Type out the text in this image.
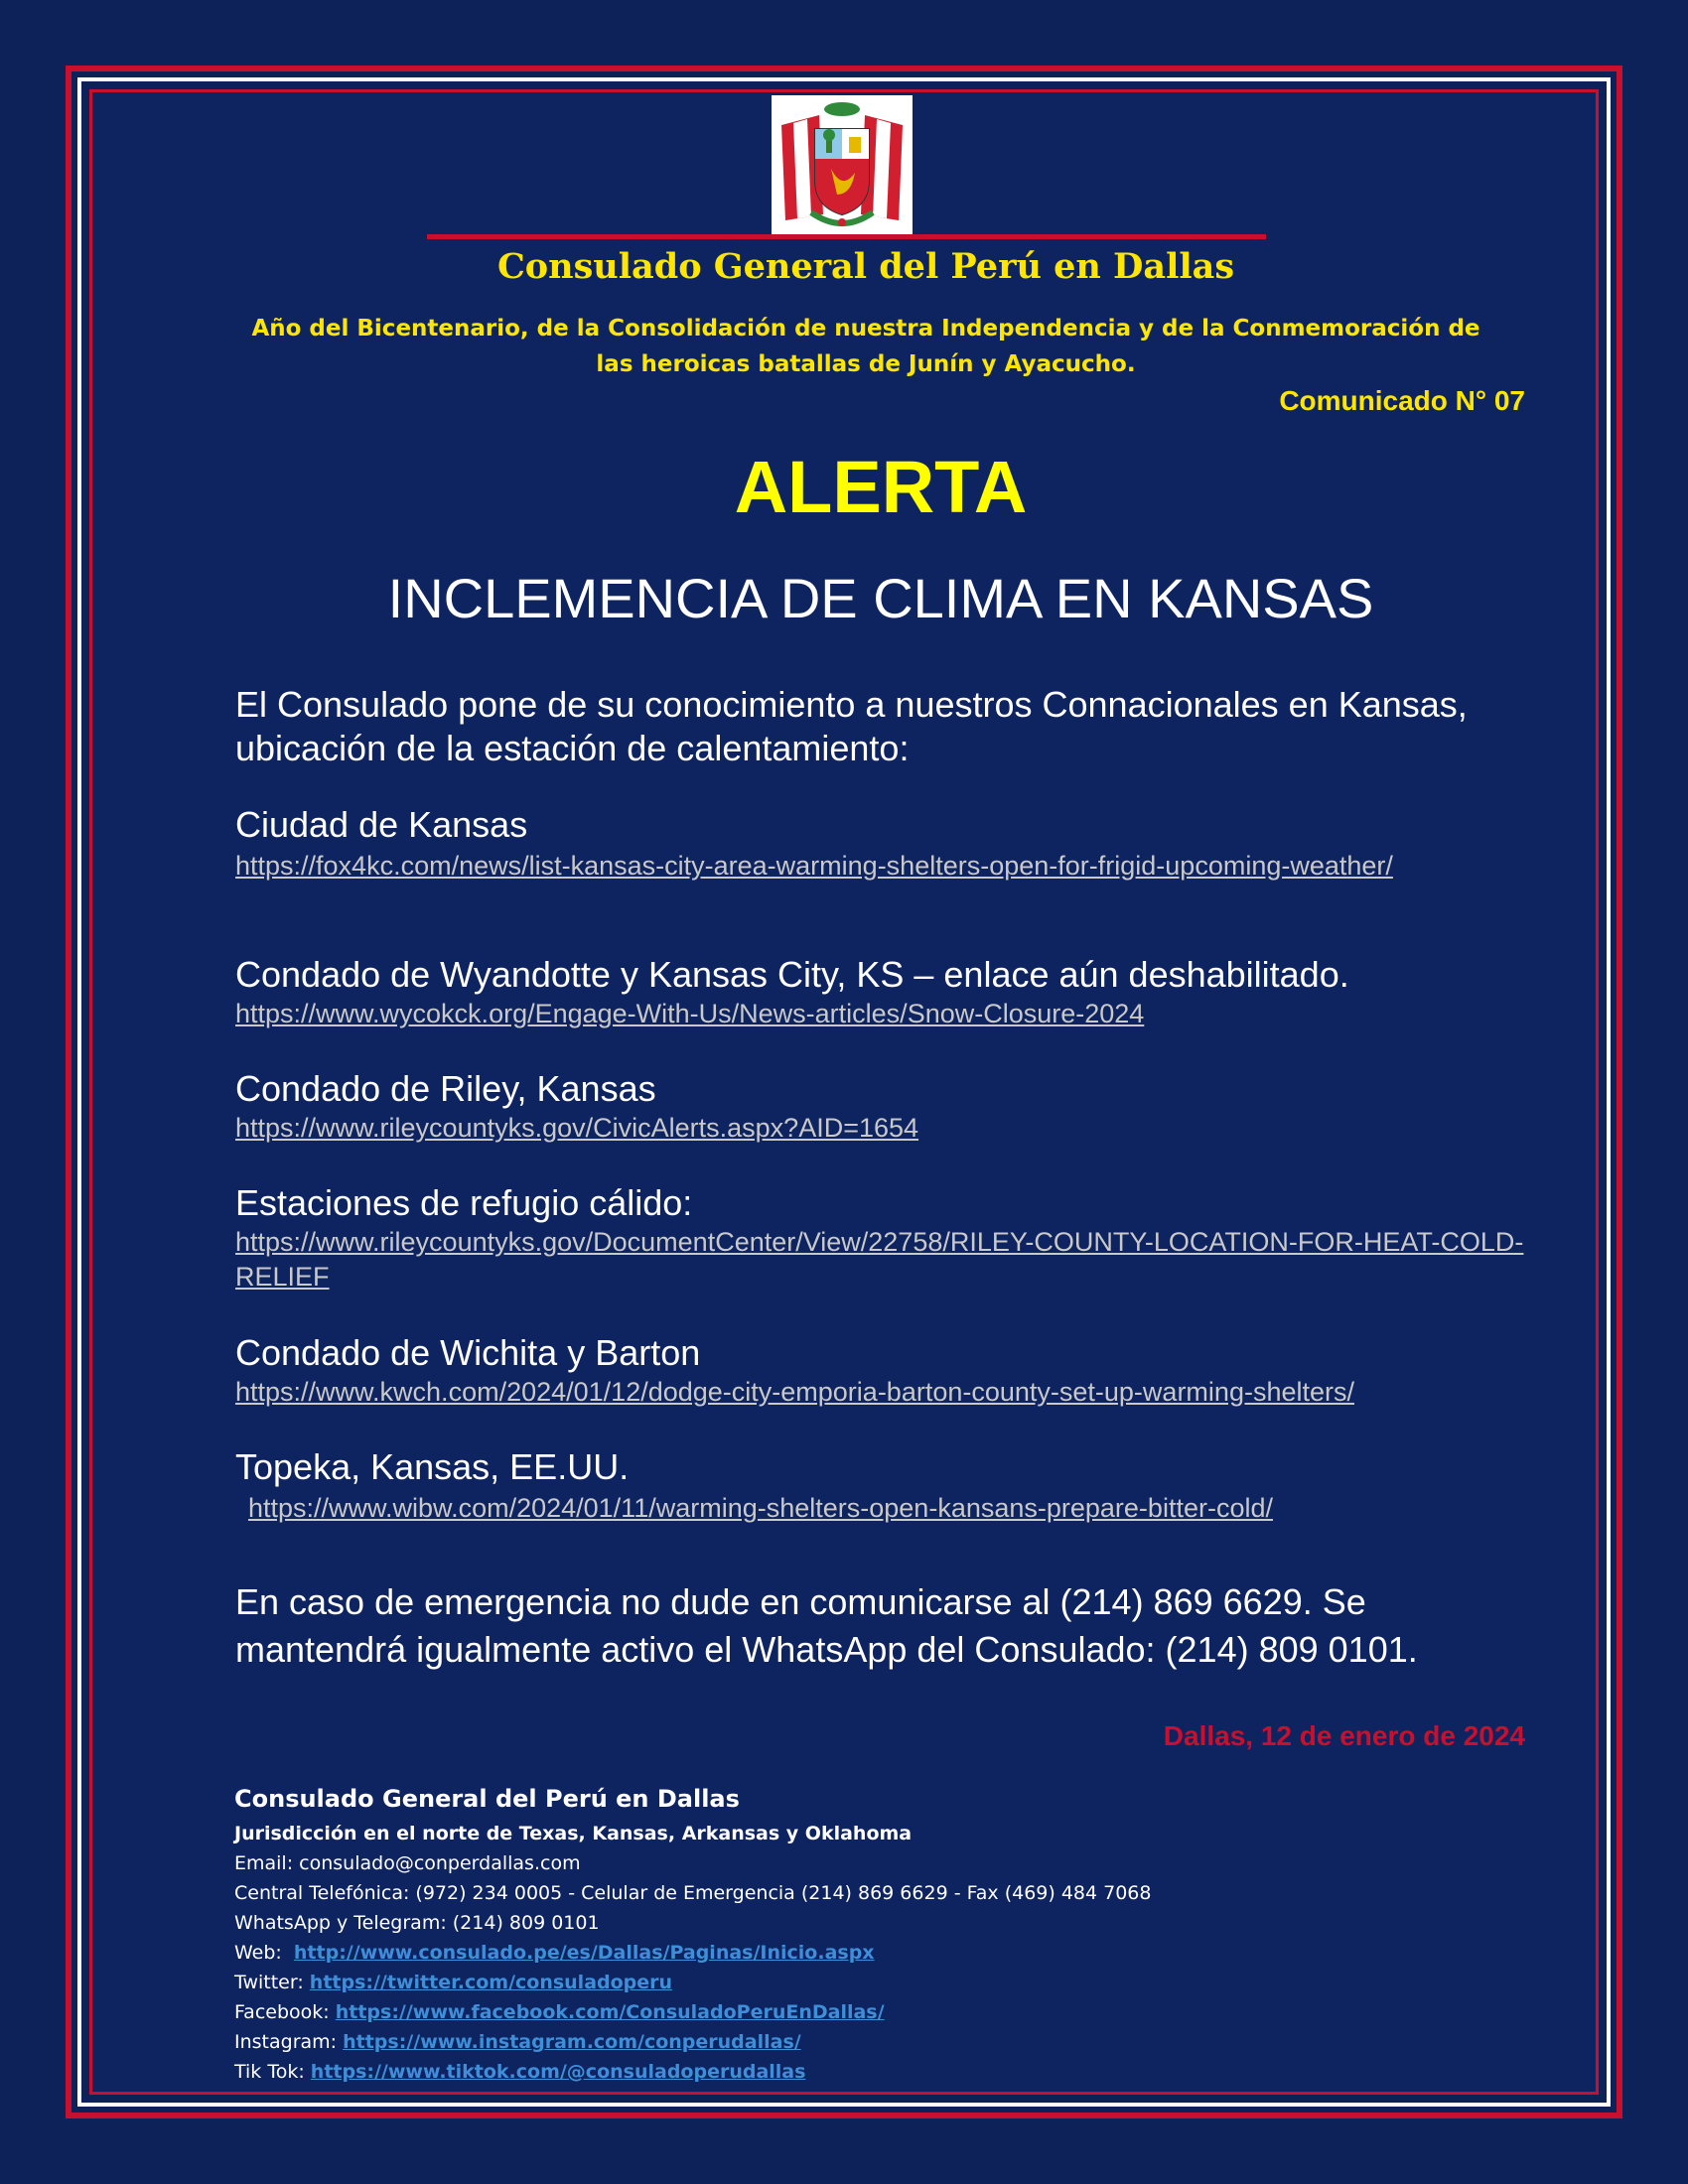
Consulado General del Perú en Dallas
Año del Bicentenario, de la Consolidación de nuestra Independencia y de la Conmemoración de las heroicas batallas de Junín y Ayacucho.
Comunicado N° 07
ALERTA
INCLEMENCIA DE CLIMA EN KANSAS
El Consulado pone de su conocimiento a nuestros Connacionales en Kansas, ubicación de la estación de calentamiento:
Ciudad de Kansas
https://fox4kc.com/news/list-kansas-city-area-warming-shelters-open-for-frigid-upcoming-weather/
Condado de Wyandotte y Kansas City, KS – enlace aún deshabilitado.
https://www.wycokck.org/Engage-With-Us/News-articles/Snow-Closure-2024
Condado de Riley, Kansas
https://www.rileycountyks.gov/CivicAlerts.aspx?AID=1654
Estaciones de refugio cálido:
https://www.rileycountyks.gov/DocumentCenter/View/22758/RILEY-COUNTY-LOCATION-FOR-HEAT-COLD-RELIEF
Condado de Wichita y Barton
https://www.kwch.com/2024/01/12/dodge-city-emporia-barton-county-set-up-warming-shelters/
Topeka, Kansas, EE.UU.
https://www.wibw.com/2024/01/11/warming-shelters-open-kansans-prepare-bitter-cold/
En caso de emergencia no dude en comunicarse al (214) 869 6629. Se mantendrá igualmente activo el WhatsApp del Consulado: (214) 809 0101.
Dallas, 12 de enero de 2024
Consulado General del Perú en Dallas
Jurisdicción en el norte de Texas, Kansas, Arkansas y Oklahoma
Email: consulado@conperdallas.com
Central Telefónica: (972) 234 0005 - Celular de Emergencia (214) 869 6629 - Fax (469) 484 7068
WhatsApp y Telegram: (214) 809 0101
Web:  http://www.consulado.pe/es/Dallas/Paginas/Inicio.aspx
Twitter: https://twitter.com/consuladoperu
Facebook: https://www.facebook.com/ConsuladoPeruEnDallas/
Instagram: https://www.instagram.com/conperudallas/
Tik Tok: https://www.tiktok.com/@consuladoperudallas
